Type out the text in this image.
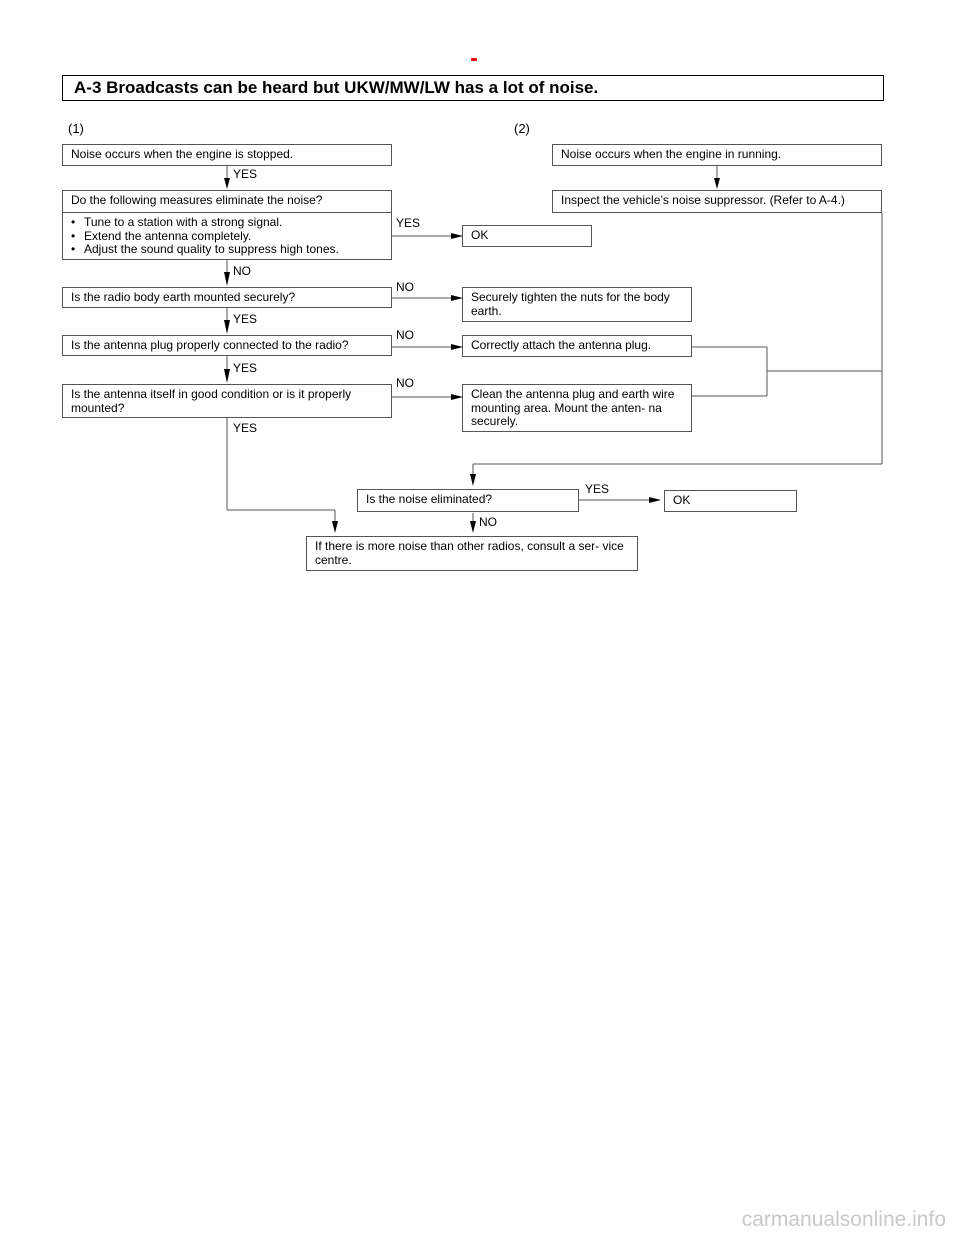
A-3 Broadcasts can be heard but UKW/MW/LW has a lot of noise.
(1)	(2)
Noise occurs when the engine is stopped.
Do the following measures eliminate the noise?
• Tune to a station with a strong signal.
• Extend the antenna completely.
• Adjust the sound quality to suppress high tones.
OK
Is the radio body earth mounted securely?	Securely tighten the nuts for the body earth.
Is the antenna plug properly connected to the radio?	Correctly attach the antenna plug.
Is the antenna itself in good condition or is it properly mounted?
Clean the antenna plug and earth wire mounting area. Mount the anten- na securely.
Noise occurs when the engine in running.
Inspect the vehicle’s noise suppressor. (Refer to A-4.)
Is the noise eliminated?	OK
If there is more noise than other radios, consult a ser- vice centre.
YES
YES
NO
NO
YES
NO
YES
NO
YES
YES
NO
carmanualsonline.info
